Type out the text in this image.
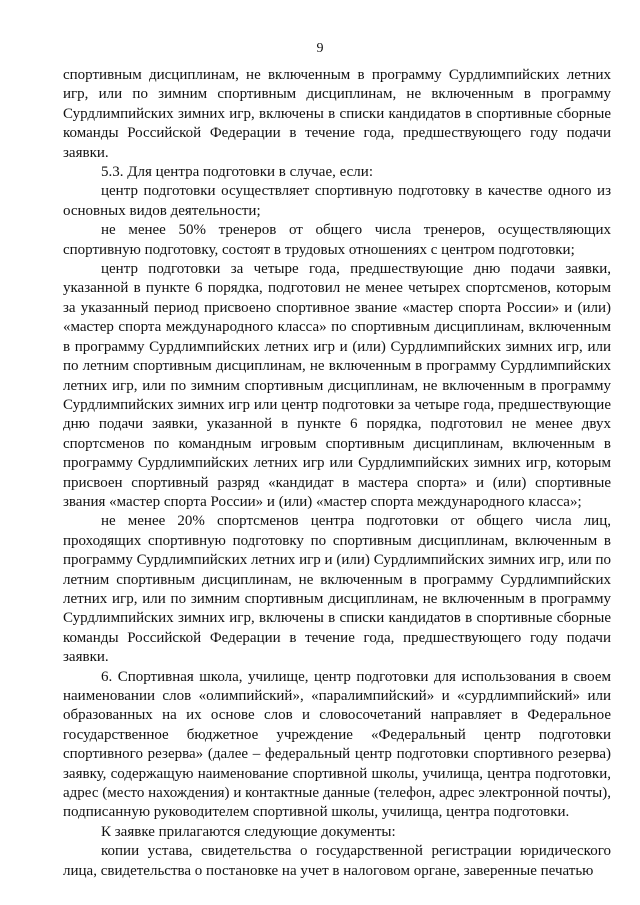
9

спортивным дисциплинам, не включенным в программу Сурдлимпийских летних игр, или по зимним спортивным дисциплинам, не включенным в программу Сурдлимпийских зимних игр, включены в списки кандидатов в спортивные сборные команды Российской Федерации в течение года, предшествующего году подачи заявки.

5.3. Для центра подготовки в случае, если:

центр подготовки осуществляет спортивную подготовку в качестве одного из основных видов деятельности;

не менее 50% тренеров от общего числа тренеров, осуществляющих спортивную подготовку, состоят в трудовых отношениях с центром подготовки;

центр подготовки за четыре года, предшествующие дню подачи заявки, указанной в пункте 6 порядка, подготовил не менее четырех спортсменов, которым за указанный период присвоено спортивное звание «мастер спорта России» и (или) «мастер спорта международного класса» по спортивным дисциплинам, включенным в программу Сурдлимпийских летних игр и (или) Сурдлимпийских зимних игр, или по летним спортивным дисциплинам, не включенным в программу Сурдлимпийских летних игр, или по зимним спортивным дисциплинам, не включенным в программу Сурдлимпийских зимних игр или центр подготовки за четыре года, предшествующие дню подачи заявки, указанной в пункте 6 порядка, подготовил не менее двух спортсменов по командным игровым спортивным дисциплинам, включенным в программу Сурдлимпийских летних игр или Сурдлимпийских зимних игр, которым присвоен спортивный разряд «кандидат в мастера спорта» и (или) спортивные звания «мастер спорта России» и (или) «мастер спорта международного класса»;

не менее 20% спортсменов центра подготовки от общего числа лиц, проходящих спортивную подготовку по спортивным дисциплинам, включенным в программу Сурдлимпийских летних игр и (или) Сурдлимпийских зимних игр, или по летним спортивным дисциплинам, не включенным в программу Сурдлимпийских летних игр, или по зимним спортивным дисциплинам, не включенным в программу Сурдлимпийских зимних игр, включены в списки кандидатов в спортивные сборные команды Российской Федерации в течение года, предшествующего году подачи заявки.

6. Спортивная школа, училище, центр подготовки для использования в своем наименовании слов «олимпийский», «паралимпийский» и «сурдлимпийский» или образованных на их основе слов и словосочетаний направляет в Федеральное государственное бюджетное учреждение «Федеральный центр подготовки спортивного резерва» (далее – федеральный центр подготовки спортивного резерва) заявку, содержащую наименование спортивной школы, училища, центра подготовки, адрес (место нахождения) и контактные данные (телефон, адрес электронной почты), подписанную руководителем спортивной школы, училища, центра подготовки.

К заявке прилагаются следующие документы:

копии устава, свидетельства о государственной регистрации юридического лица, свидетельства о постановке на учет в налоговом органе, заверенные печатью
